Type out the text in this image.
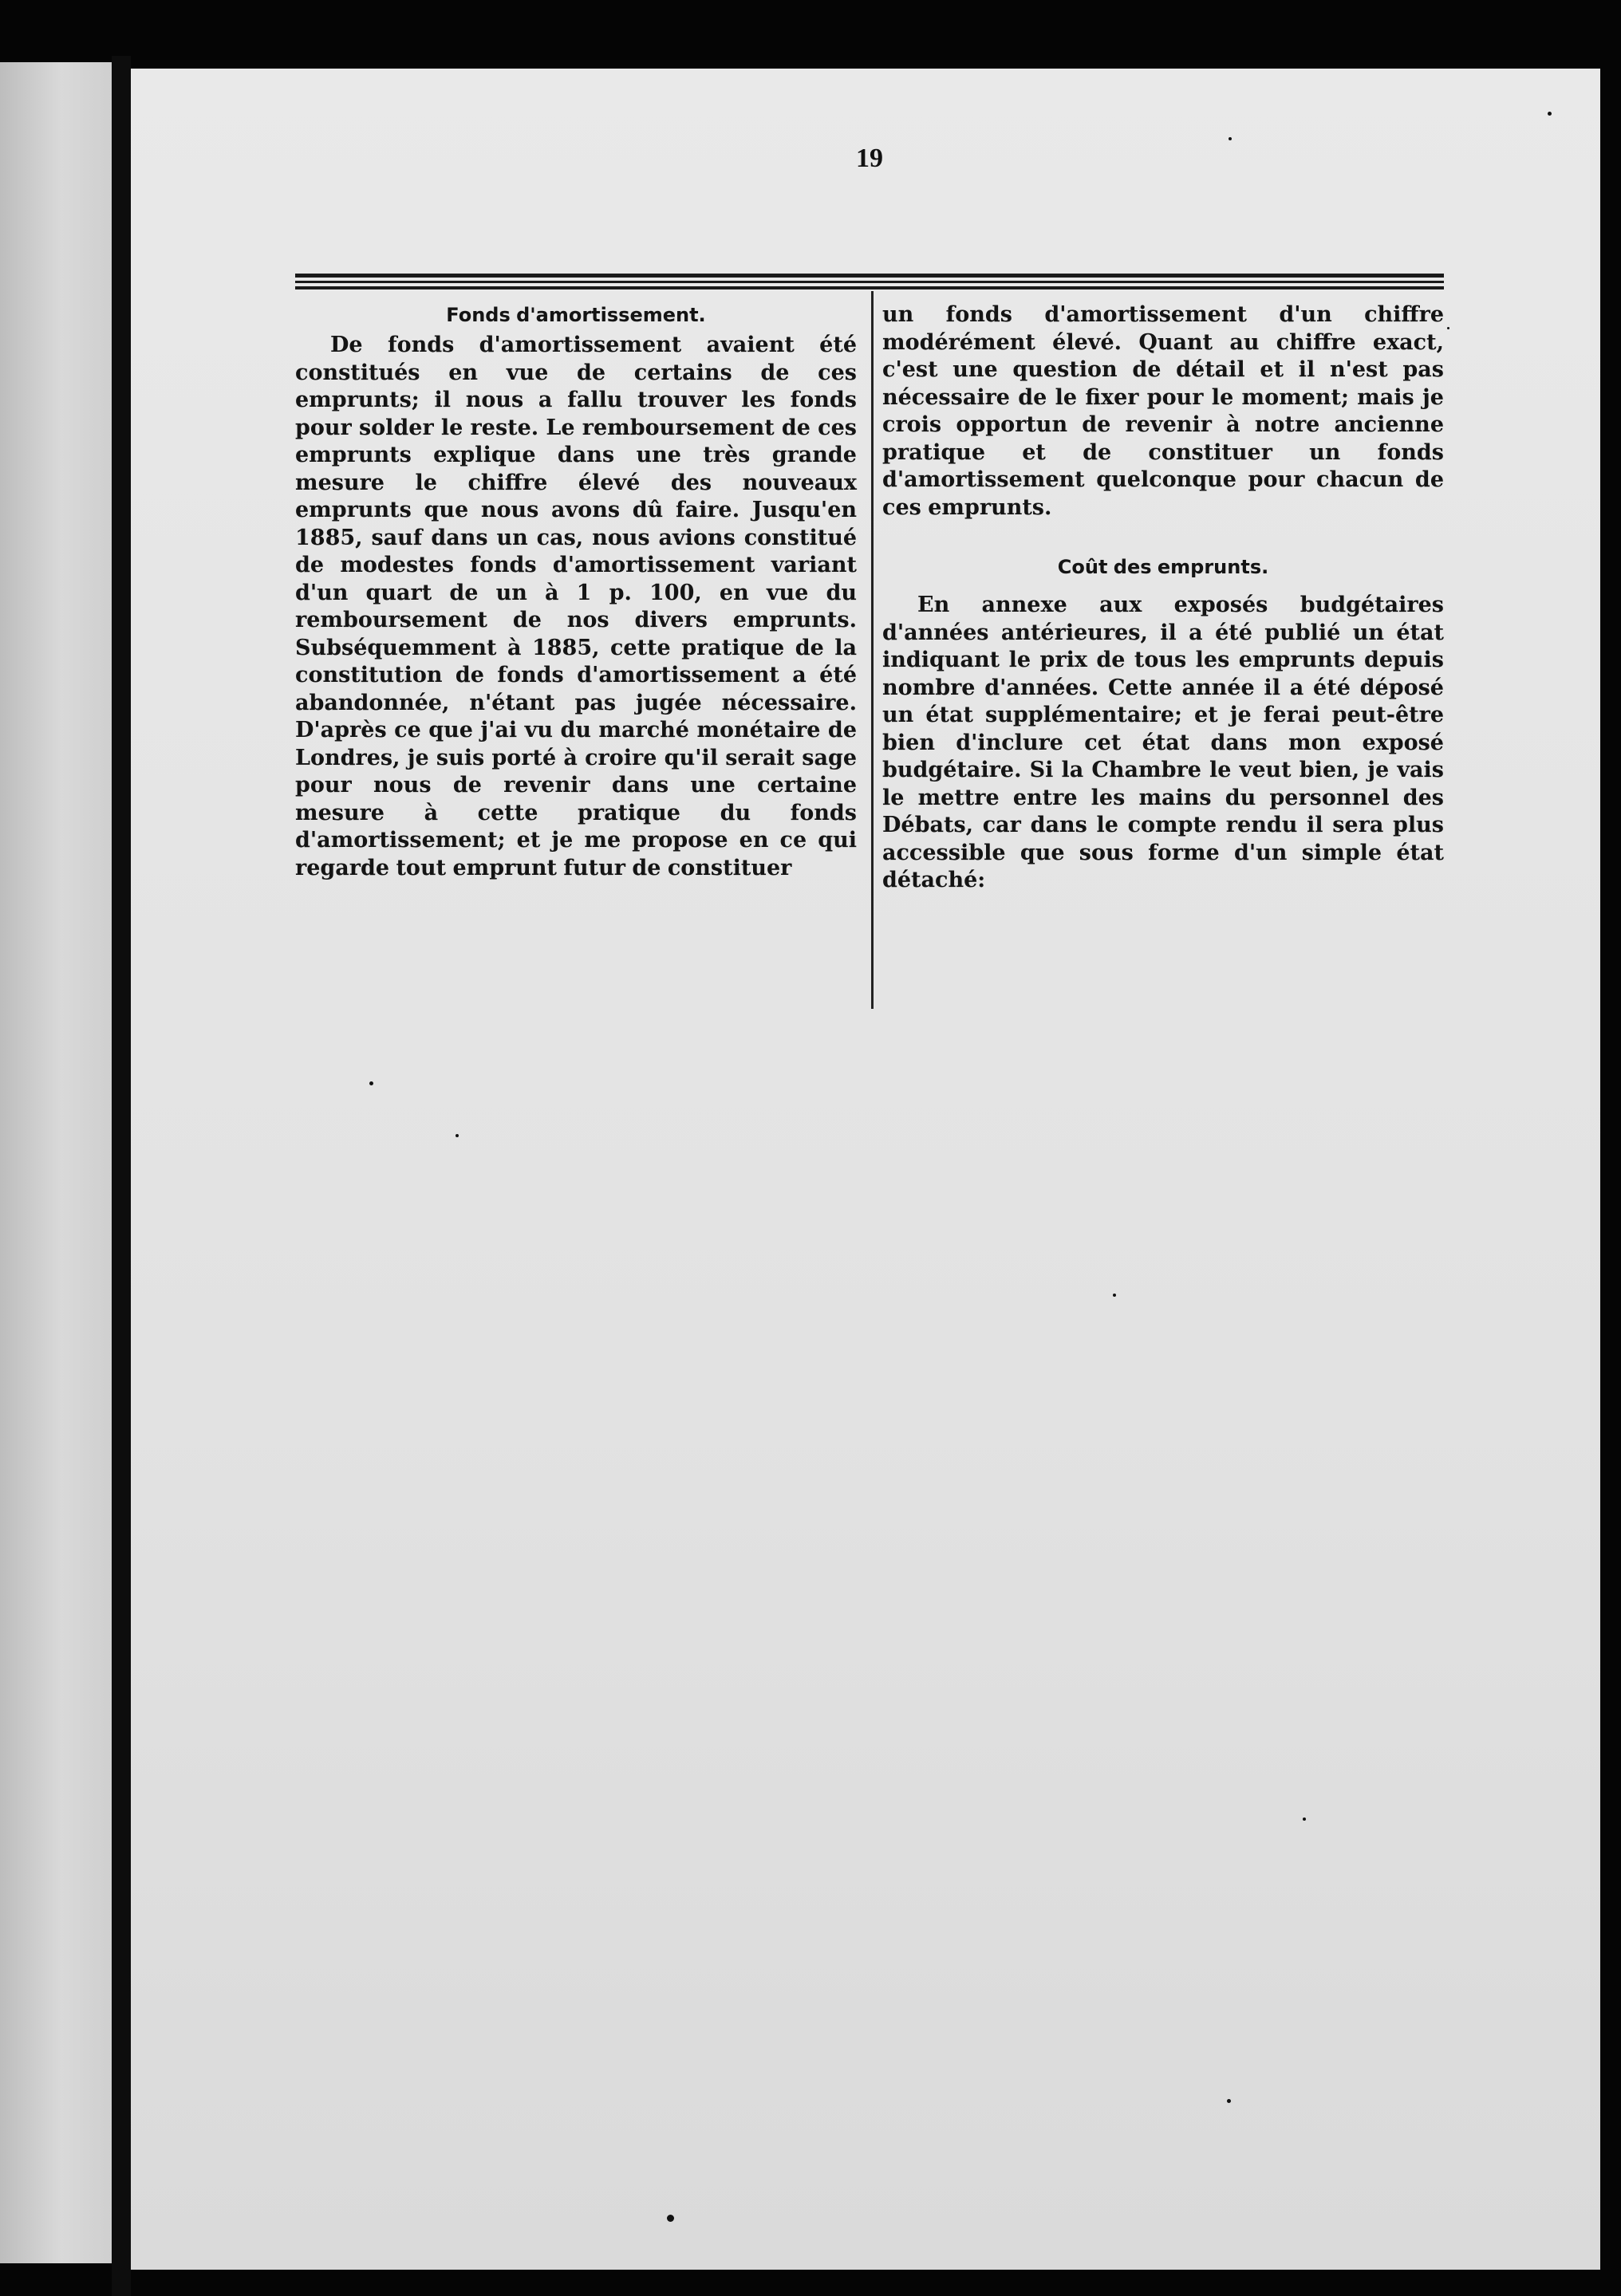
19
Fonds d'amortissement.

De fonds d'amortissement avaient été constitués en vue de certains de ces emprunts; il nous a fallu trouver les fonds pour solder le reste. Le remboursement de ces emprunts explique dans une très grande mesure le chiffre élevé des nouveaux emprunts que nous avons dû faire. Jusqu'en 1885, sauf dans un cas, nous avions constitué de modestes fonds d'amortissement variant d'un quart de un à 1 p. 100, en vue du remboursement de nos divers emprunts. Subséquemment à 1885, cette pratique de la constitution de fonds d'amortissement a été abandonnée, n'étant pas jugée nécessaire. D'après ce que j'ai vu du marché monétaire de Londres, je suis porté à croire qu'il serait sage pour nous de revenir dans une certaine mesure à cette pratique du fonds d'amortissement; et je me propose en ce qui regarde tout emprunt futur de constituer

un fonds d'amortissement d'un chiffre modérément élevé. Quant au chiffre exact, c'est une question de détail et il n'est pas nécessaire de le fixer pour le moment; mais je crois opportun de revenir à notre ancienne pratique et de constituer un fonds d'amortissement quelconque pour chacun de ces emprunts.

Coût des emprunts.

En annexe aux exposés budgétaires d'années antérieures, il a été publié un état indiquant le prix de tous les emprunts depuis nombre d'années. Cette année il a été déposé un état supplémentaire; et je ferai peut-être bien d'inclure cet état dans mon exposé budgétaire. Si la Chambre le veut bien, je vais le mettre entre les mains du personnel des Débats, car dans le compte rendu il sera plus accessible que sous forme d'un simple état détaché:
